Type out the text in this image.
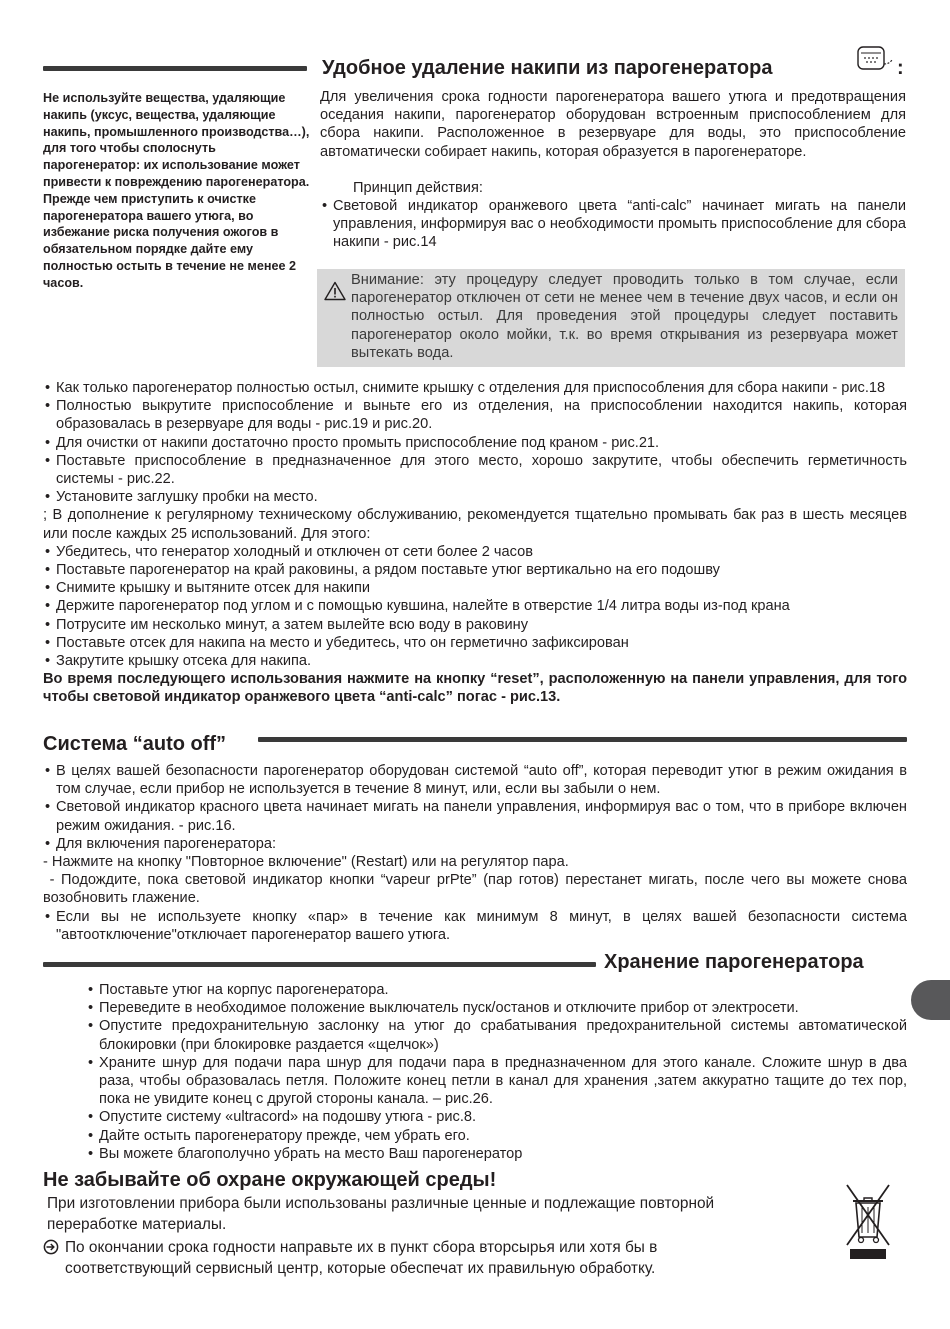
Удобное удаление накипи из парогенератора	:
Не используйте вещества, удаляющие накипь (уксус, вещества, удаляющие накипь, промышленного производства…), для того чтобы сполоснуть парогенератор: их использование может привести к повреждению парогенератора. Прежде чем приступить к очистке парогенератора вашего утюга, во избежание риска получения ожогов в обязательном порядке дайте ему полностью остыть в течение не менее 2 часов.
Для увеличения срока годности парогенератора вашего утюга и предотвращения оседания накипи, парогенератор оборудован встроенным приспособлением для сбора накипи. Расположенное в резервуаре для воды, это приспособление автоматически собирает накипь, которая образуется в парогенераторе.
Принцип действия:
• Световой индикатор оранжевого цвета “anti-calc” начинает мигать на панели управления, информируя вас о необходимости промыть приспособление для сбора накипи - рис.14
Внимание: эту процедуру следует проводить только в том случае, если парогенератор отключен от сети не менее чем в течение двух часов, и если он полностью остыл. Для проведения этой процедуры следует поставить парогенератор около мойки, т.к. во время открывания из резервуара может вытекать вода.
• Как только парогенератор полностью остыл, снимите крышку с отделения для приспособления для сбора накипи - рис.18
• Полностью выкрутите приспособление и выньте его из отделения, на приспособлении находится накипь, которая образовалась в резервуаре для воды - рис.19 и рис.20.
• Для очистки от накипи достаточно просто промыть приспособление под краном - рис.21.
• Поставьте приспособление в предназначенное для этого место, хорошо закрутите, чтобы обеспечить герметичность системы - рис.22.
• Установите заглушку пробки на место.
; В дополнение к регулярному техническому обслуживанию, рекомендуется тщательно промывать бак раз в шесть месяцев или после каждых 25 использований. Для этого:
• Убедитесь, что генератор холодный и отключен от сети более 2 часов
• Поставьте парогенератор на край раковины, а рядом поставьте утюг вертикально на его подошву
• Снимите крышку и вытяните отсек для накипи
• Держите парогенератор под углом и с помощью кувшина, налейте в отверстие 1/4 литра воды из-под крана
• Потрусите им несколько минут, а затем вылейте всю воду в раковину
• Поставьте отсек для накипа на место и убедитесь, что он герметично зафиксирован
• Закрутите крышку отсека для накипа.
Во время последующего использования нажмите на кнопку “reset”, расположенную на панели управления, для того чтобы световой индикатор оранжевого цвета “anti-calc” погас - рис.13.
Система “auto off”
• В целях вашей безопасности парогенератор оборудован системой “auto off”, которая переводит утюг в режим ожидания в том случае, если прибор не используется в течение 8 минут, или, если вы забыли о нем.
• Световой индикатор красного цвета начинает мигать на панели управления, информируя вас о том, что в приборе включен режим ожидания. - рис.16.
• Для включения парогенератора:
- Нажмите на кнопку "Повторное включение" (Restart) или на регулятор пара.
- Подождите, пока световой индикатор кнопки “vapeur prPte” (пар готов) перестанет мигать, после чего вы можете снова возобновить глажение.
• Если вы не используете кнопку «пар» в течение как минимум 8 минут, в целях вашей безопасности система "автоотключение"отключает парогенератор вашего утюга.
Хранение парогенератора
• Поставьте утюг на корпус парогенератора.
• Переведите в необходимое положение выключатель пуск/останов и отключите прибор от электросети.
• Опустите предохранительную заслонку на утюг до срабатывания предохранительной системы автоматической блокировки (при блокировке раздается «щелчок»)
• Храните шнур для подачи пара шнур для подачи пара в предназначенном для этого канале. Сложите шнур в два раза, чтобы образовалась петля. Положите конец петли в канал для хранения ,затем аккуратно тащите до тех пор, пока не увидите конец с другой стороны канала. – рис.26.
• Опустите систему «ultracord» на подошву утюга - рис.8.
• Дайте остыть парогенератору прежде, чем убрать его.
• Вы можете благополучно убрать на место Ваш парогенератор
Не забывайте об охране окружающей среды!
При изготовлении прибора были использованы различные ценные и подлежащие повторной переработке материалы.
По окончании срока годности направьте их в пункт сбора вторсырья или хотя бы в соответствующий сервисный центр, которые обеспечат их правильную обработку.
